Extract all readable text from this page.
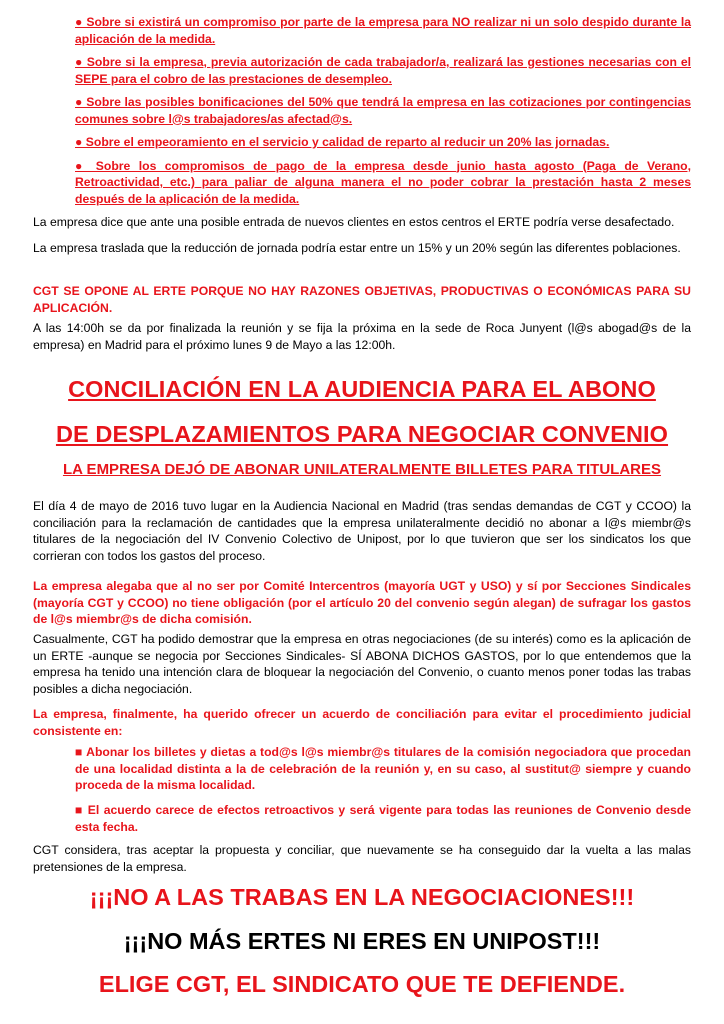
● Sobre si existirá un compromiso por parte de la empresa para NO realizar ni un solo despido durante la aplicación de la medida.

● Sobre si la empresa, previa autorización de cada trabajador/a, realizará las gestiones necesarias con el SEPE para el cobro de las prestaciones de desempleo.

● Sobre las posibles bonificaciones del 50% que tendrá la empresa en las cotizaciones por contingencias comunes sobre l@s trabajadores/as afectad@s.

● Sobre el empeoramiento en el servicio y calidad de reparto al reducir un 20% las jornadas.

● Sobre los compromisos de pago de la empresa desde junio hasta agosto (Paga de Verano, Retroactividad, etc.) para paliar de alguna manera el no poder cobrar la prestación hasta 2 meses después de la aplicación de la medida.

La empresa dice que ante una posible entrada de nuevos clientes en estos centros el ERTE podría verse desafectado.

La empresa traslada que la reducción de jornada podría estar entre un 15% y un 20% según las diferentes poblaciones.

CGT SE OPONE AL ERTE PORQUE NO HAY RAZONES OBJETIVAS, PRODUCTIVAS O ECONÓMICAS PARA SU APLICACIÓN.

A las 14:00h se da por finalizada la reunión y se fija la próxima en la sede de Roca Junyent (l@s abogad@s de la empresa) en Madrid para el próximo lunes 9 de Mayo a las 12:00h.

CONCILIACIÓN EN LA AUDIENCIA PARA EL ABONO
DE DESPLAZAMIENTOS PARA NEGOCIAR CONVENIO
LA EMPRESA DEJÓ DE ABONAR UNILATERALMENTE BILLETES PARA TITULARES

El día 4 de mayo de 2016 tuvo lugar en la Audiencia Nacional en Madrid (tras sendas demandas de CGT y CCOO) la conciliación para la reclamación de cantidades que la empresa unilateralmente decidió no abonar a l@s miembr@s titulares de la negociación del IV Convenio Colectivo de Unipost, por lo que tuvieron que ser los sindicatos los que corrieran con todos los gastos del proceso.

La empresa alegaba que al no ser por Comité Intercentros (mayoría UGT y USO) y sí por Secciones Sindicales (mayoría CGT y CCOO) no tiene obligación (por el artículo 20 del convenio según alegan) de sufragar los gastos de l@s miembr@s de dicha comisión.

Casualmente, CGT ha podido demostrar que la empresa en otras negociaciones (de su interés) como es la aplicación de un ERTE -aunque se negocia por Secciones Sindicales- SÍ ABONA DICHOS GASTOS, por lo que entendemos que la empresa ha tenido una intención clara de bloquear la negociación del Convenio, o cuanto menos poner todas las trabas posibles a dicha negociación.

La empresa, finalmente, ha querido ofrecer un acuerdo de conciliación para evitar el procedimiento judicial consistente en:

■ Abonar los billetes y dietas a tod@s l@s miembr@s titulares de la comisión negociadora que procedan de una localidad distinta a la de celebración de la reunión y, en su caso, al sustitut@ siempre y cuando proceda de la misma localidad.

■ El acuerdo carece de efectos retroactivos y será vigente para todas las reuniones de Convenio desde esta fecha.

CGT considera, tras aceptar la propuesta y conciliar, que nuevamente se ha conseguido dar la vuelta a las malas pretensiones de la empresa.

¡¡¡NO A LAS TRABAS EN LA NEGOCIACIONES!!!
¡¡¡NO MÁS ERTES NI ERES EN UNIPOST!!!
ELIGE CGT, EL SINDICATO QUE TE DEFIENDE.
